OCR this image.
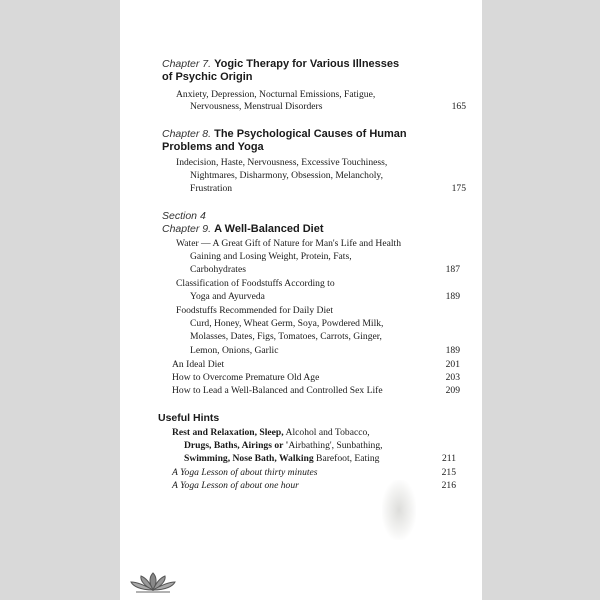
Chapter 7. Yogic Therapy for Various Illnesses
of Psychic Origin
Anxiety, Depression, Nocturnal Emissions, Fatigue,
Nervousness, Menstrual Disorders	165
Chapter 8. The Psychological Causes of Human
Problems and Yoga
Indecision, Haste, Nervousness, Excessive Touchiness,
Nightmares, Disharmony, Obsession, Melancholy,
Frustration	175
Section 4
Chapter 9. A Well-Balanced Diet
Water — A Great Gift of Nature for Man's Life and Health
Gaining and Losing Weight, Protein, Fats,
Carbohydrates	187
Classification of Foodstuffs According to
Yoga and Ayurveda	189
Foodstuffs Recommended for Daily Diet
Curd, Honey, Wheat Germ, Soya, Powdered Milk,
Molasses, Dates, Figs, Tomatoes, Carrots, Ginger,
Lemon, Onions, Garlic	189
An Ideal Diet	201
How to Overcome Premature Old Age	203
How to Lead a Well-Balanced and Controlled Sex Life	209
Useful Hints
Rest and Relaxation, Sleep, Alcohol and Tobacco,
Drugs, Baths, Airings or 'Airbathing', Sunbathing,
Swimming, Nose Bath, Walking Barefoot, Eating	211
A Yoga Lesson of about thirty minutes	215
A Yoga Lesson of about one hour	216
